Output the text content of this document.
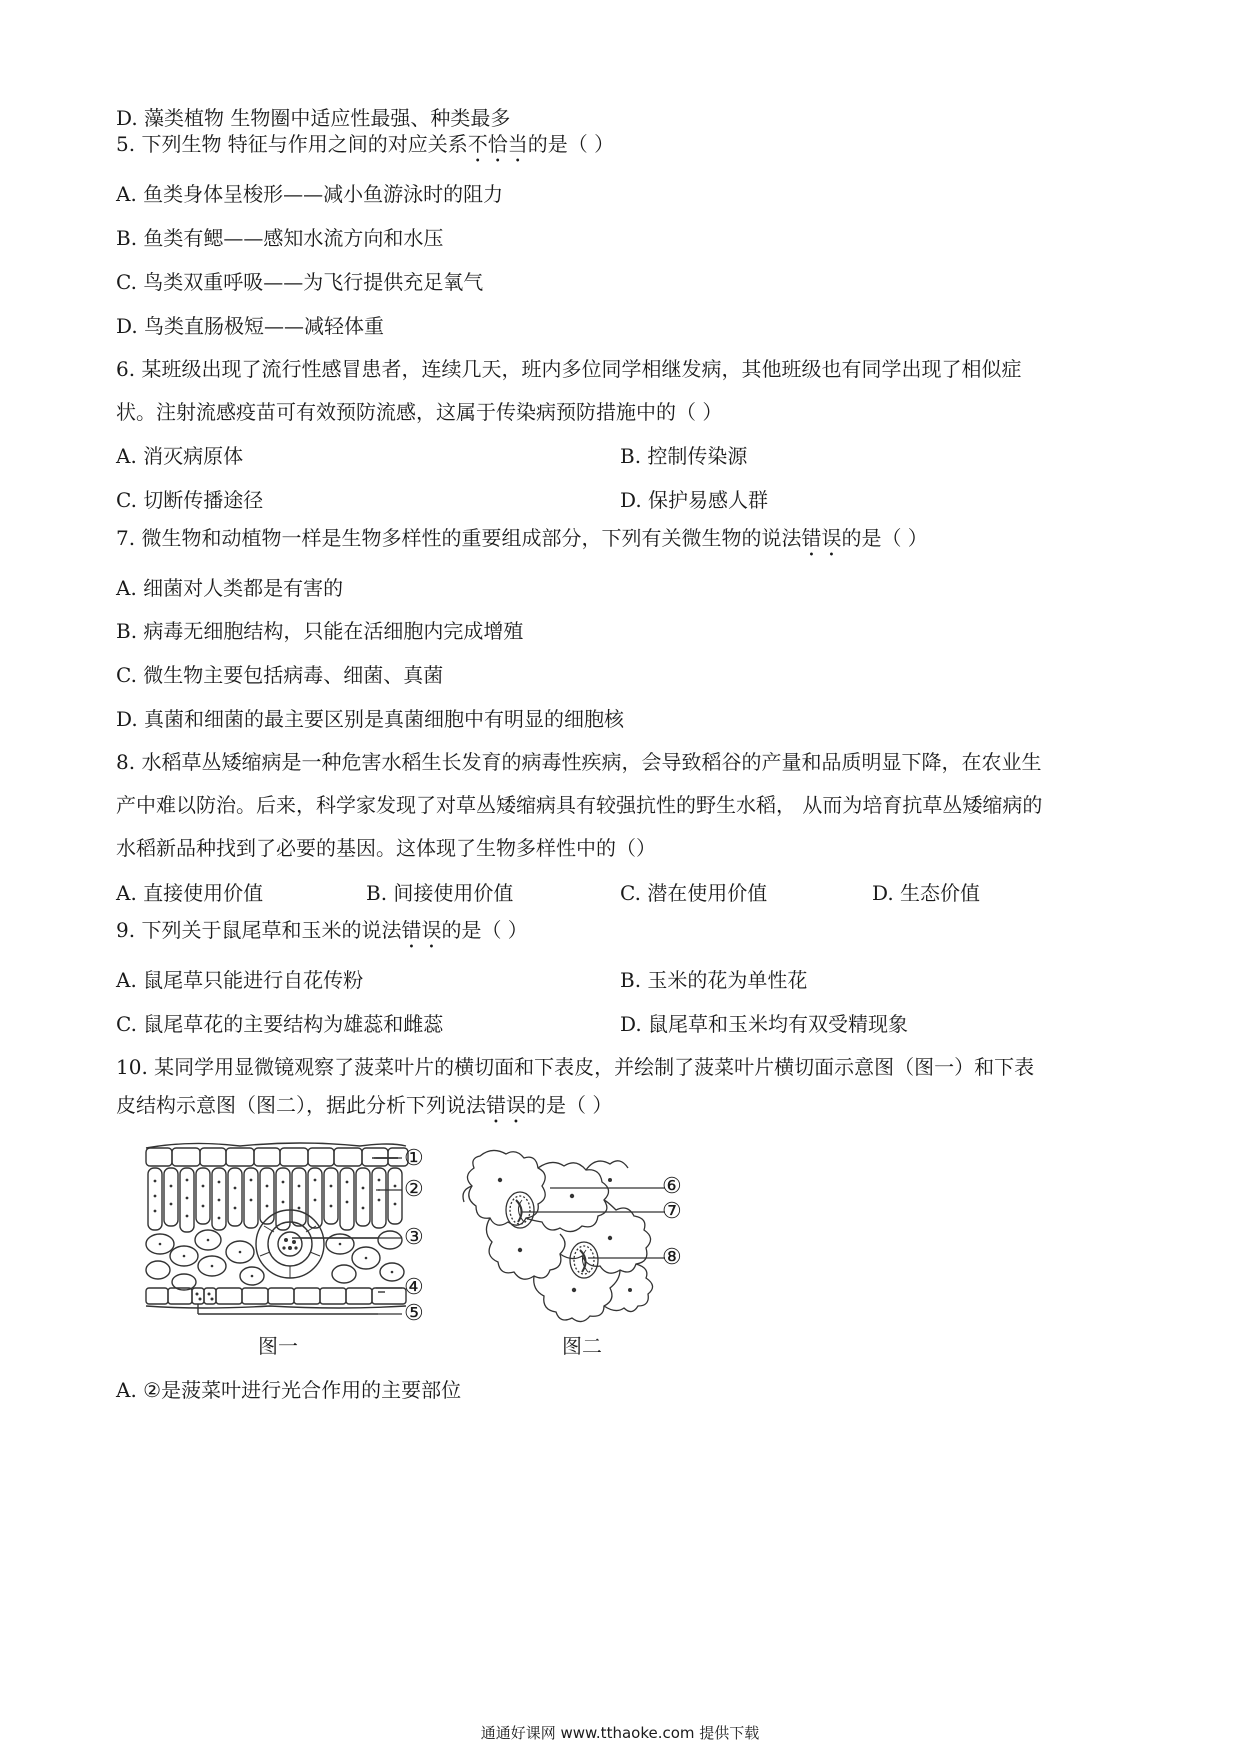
D. 藻类植物 生物圈中适应性最强、种类最多
5. 下列生物 特征与作用之间的对应关系不恰当的是（ ）
A. 鱼类身体呈梭形——减小鱼游泳时的阻力
B. 鱼类有鳃——感知水流方向和水压
C. 鸟类双重呼吸——为飞行提供充足氧气
D. 鸟类直肠极短——减轻体重
6. 某班级出现了流行性感冒患者，连续几天，班内多位同学相继发病，其他班级也有同学出现了相似症
状。注射流感疫苗可有效预防流感，这属于传染病预防措施中的（ ）
A. 消灭病原体	B. 控制传染源
C. 切断传播途径	D. 保护易感人群
7. 微生物和动植物一样是生物多样性的重要组成部分，下列有关微生物的说法错误的是（ ）
A. 细菌对人类都是有害的
B. 病毒无细胞结构，只能在活细胞内完成增殖
C. 微生物主要包括病毒、细菌、真菌
D. 真菌和细菌的最主要区别是真菌细胞中有明显的细胞核
8. 水稻草丛矮缩病是一种危害水稻生长发育的病毒性疾病，会导致稻谷的产量和品质明显下降，在农业生
产中难以防治。后来，科学家发现了对草丛矮缩病具有较强抗性的野生水稻， 从而为培育抗草丛矮缩病的
水稻新品种找到了必要的基因。这体现了生物多样性中的（）
A. 直接使用价值	B. 间接使用价值	C. 潜在使用价值	D. 生态价值
9. 下列关于鼠尾草和玉米的说法错误的是（ ）
A. 鼠尾草只能进行自花传粉	B. 玉米的花为单性花
C. 鼠尾草花的主要结构为雄蕊和雌蕊	D. 鼠尾草和玉米均有双受精现象
10. 某同学用显微镜观察了菠菜叶片的横切面和下表皮，并绘制了菠菜叶片横切面示意图（图一）和下表
皮结构示意图（图二），据此分析下列说法错误的是（ ）
①
②
③
④
⑤
图一
⑥
⑦
⑧
图二
A. ②是菠菜叶进行光合作用的主要部位
通通好课网 www.tthaoke.com 提供下载
